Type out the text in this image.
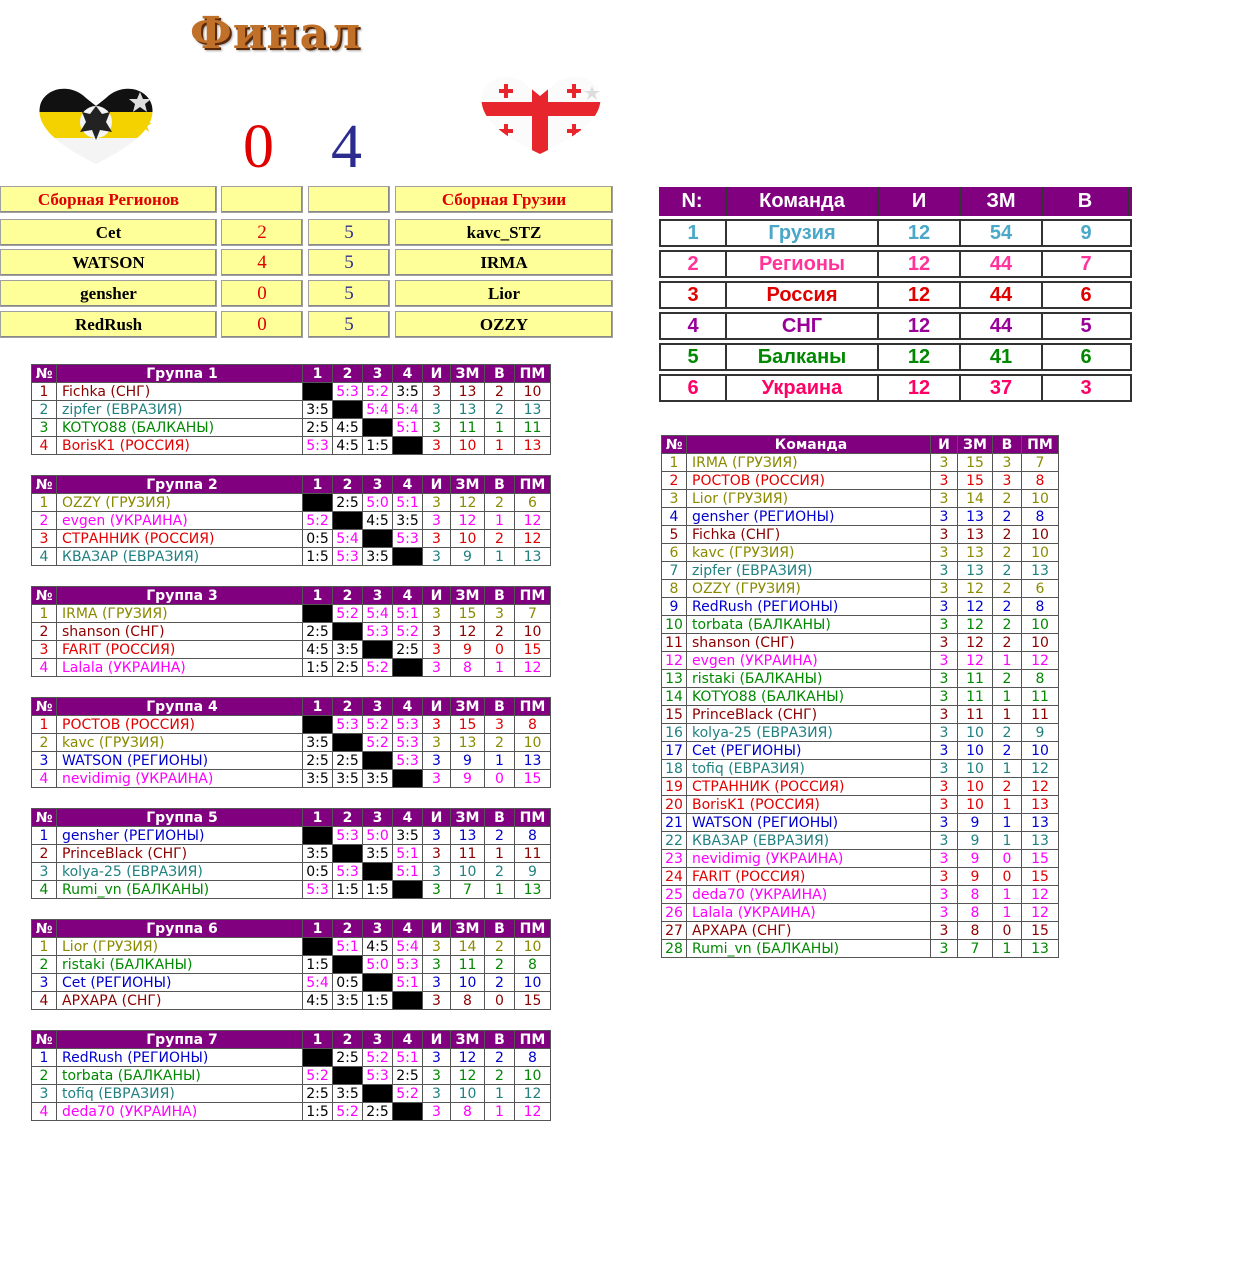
Финал
0 4
Сборная Регионов	Сборная Грузии
Cet	2	5	kavc_STZ
WATSON	4	5	IRMA
gensher	0	5	Lior
RedRush	0	5	OZZY
N:	Команда	И	ЗМ	В
1	Грузия	12	54	9
2	Регионы	12	44	7
3	Россия	12	44	6
4	СНГ	12	44	5
5	Балканы	12	41	6
6	Украина	12	37	3
№	Группа 1	1	2	3	4	И	ЗМ	В	ПМ
1	Fichka (СНГ)		5:3	5:2	3:5	3	13	2	10
2	zipfer (ЕВРАЗИЯ)	3:5		5:4	5:4	3	13	2	13
3	KOTYO88 (БАЛКАНЫ)	2:5	4:5		5:1	3	11	1	11
4	BorisK1 (РОССИЯ)	5:3	4:5	1:5		3	10	1	13
№	Группа 2	1	2	3	4	И	ЗМ	В	ПМ
1	OZZY (ГРУЗИЯ)		2:5	5:0	5:1	3	12	2	6
2	evgen (УКРАИНА)	5:2		4:5	3:5	3	12	1	12
3	СТРАННИК (РОССИЯ)	0:5	5:4		5:3	3	10	2	12
4	КВАЗАР (ЕВРАЗИЯ)	1:5	5:3	3:5		3	9	1	13
№	Группа 3	1	2	3	4	И	ЗМ	В	ПМ
1	IRMA (ГРУЗИЯ)		5:2	5:4	5:1	3	15	3	7
2	shanson (СНГ)	2:5		5:3	5:2	3	12	2	10
3	FARIT (РОССИЯ)	4:5	3:5		2:5	3	9	0	15
4	Lalala (УКРАИНА)	1:5	2:5	5:2		3	8	1	12
№	Группа 4	1	2	3	4	И	ЗМ	В	ПМ
1	РОСТОВ (РОССИЯ)		5:3	5:2	5:3	3	15	3	8
2	kavc (ГРУЗИЯ)	3:5		5:2	5:3	3	13	2	10
3	WATSON (РЕГИОНЫ)	2:5	2:5		5:3	3	9	1	13
4	nevidimig (УКРАИНА)	3:5	3:5	3:5		3	9	0	15
№	Группа 5	1	2	3	4	И	ЗМ	В	ПМ
1	gensher (РЕГИОНЫ)		5:3	5:0	3:5	3	13	2	8
2	PrinceBlack (СНГ)	3:5		3:5	5:1	3	11	1	11
3	kolya-25 (ЕВРАЗИЯ)	0:5	5:3		5:1	3	10	2	9
4	Rumi_vn (БАЛКАНЫ)	5:3	1:5	1:5		3	7	1	13
№	Группа 6	1	2	3	4	И	ЗМ	В	ПМ
1	Lior (ГРУЗИЯ)		5:1	4:5	5:4	3	14	2	10
2	ristaki (БАЛКАНЫ)	1:5		5:0	5:3	3	11	2	8
3	Cet (РЕГИОНЫ)	5:4	0:5		5:1	3	10	2	10
4	АРХАРА (СНГ)	4:5	3:5	1:5		3	8	0	15
№	Группа 7	1	2	3	4	И	ЗМ	В	ПМ
1	RedRush (РЕГИОНЫ)		2:5	5:2	5:1	3	12	2	8
2	torbata (БАЛКАНЫ)	5:2		5:3	2:5	3	12	2	10
3	tofiq (ЕВРАЗИЯ)	2:5	3:5		5:2	3	10	1	12
4	deda70 (УКРАИНА)	1:5	5:2	2:5		3	8	1	12
№	Команда	И	ЗМ	В	ПМ
1	IRMA (ГРУЗИЯ)	3	15	3	7
2	РОСТОВ (РОССИЯ)	3	15	3	8
3	Lior (ГРУЗИЯ)	3	14	2	10
4	gensher (РЕГИОНЫ)	3	13	2	8
5	Fichka (СНГ)	3	13	2	10
6	kavc (ГРУЗИЯ)	3	13	2	10
7	zipfer (ЕВРАЗИЯ)	3	13	2	13
8	OZZY (ГРУЗИЯ)	3	12	2	6
9	RedRush (РЕГИОНЫ)	3	12	2	8
10	torbata (БАЛКАНЫ)	3	12	2	10
11	shanson (СНГ)	3	12	2	10
12	evgen (УКРАИНА)	3	12	1	12
13	ristaki (БАЛКАНЫ)	3	11	2	8
14	KOTYO88 (БАЛКАНЫ)	3	11	1	11
15	PrinceBlack (СНГ)	3	11	1	11
16	kolya-25 (ЕВРАЗИЯ)	3	10	2	9
17	Cet (РЕГИОНЫ)	3	10	2	10
18	tofiq (ЕВРАЗИЯ)	3	10	1	12
19	СТРАННИК (РОССИЯ)	3	10	2	12
20	BorisK1 (РОССИЯ)	3	10	1	13
21	WATSON (РЕГИОНЫ)	3	9	1	13
22	КВАЗАР (ЕВРАЗИЯ)	3	9	1	13
23	nevidimig (УКРАИНА)	3	9	0	15
24	FARIT (РОССИЯ)	3	9	0	15
25	deda70 (УКРАИНА)	3	8	1	12
26	Lalala (УКРАИНА)	3	8	1	12
27	АРХАРА (СНГ)	3	8	0	15
28	Rumi_vn (БАЛКАНЫ)	3	7	1	13
